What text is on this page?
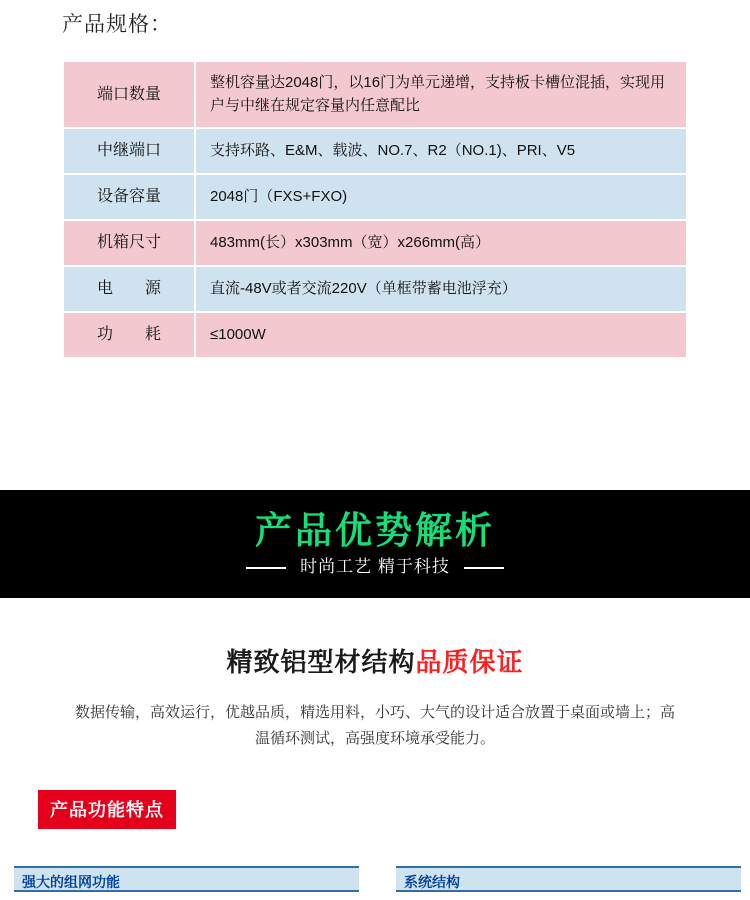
产品规格：
端口数量	整机容量达2048门，以16门为单元递增，支持板卡槽位混插，实现用户与中继在规定容量内任意配比
中继端口	支持环路、E&M、载波、NO.7、R2（NO.1)、PRI、V5
设备容量	2048门（FXS+FXO)
机箱尺寸	483mm(长）x303mm（宽）x266mm(高）
电　　源	直流-48V或者交流220V（单框带蓄电池浮充）
功　　耗	≤1000W
产品优势解析
时尚工艺 精于科技
精致铝型材结构品质保证
数据传输，高效运行，优越品质，精选用料，小巧、大气的设计适合放置于桌面或墙上；高温循环测试，高强度环境承受能力。
产品功能特点
强大的组网功能	系统结构
